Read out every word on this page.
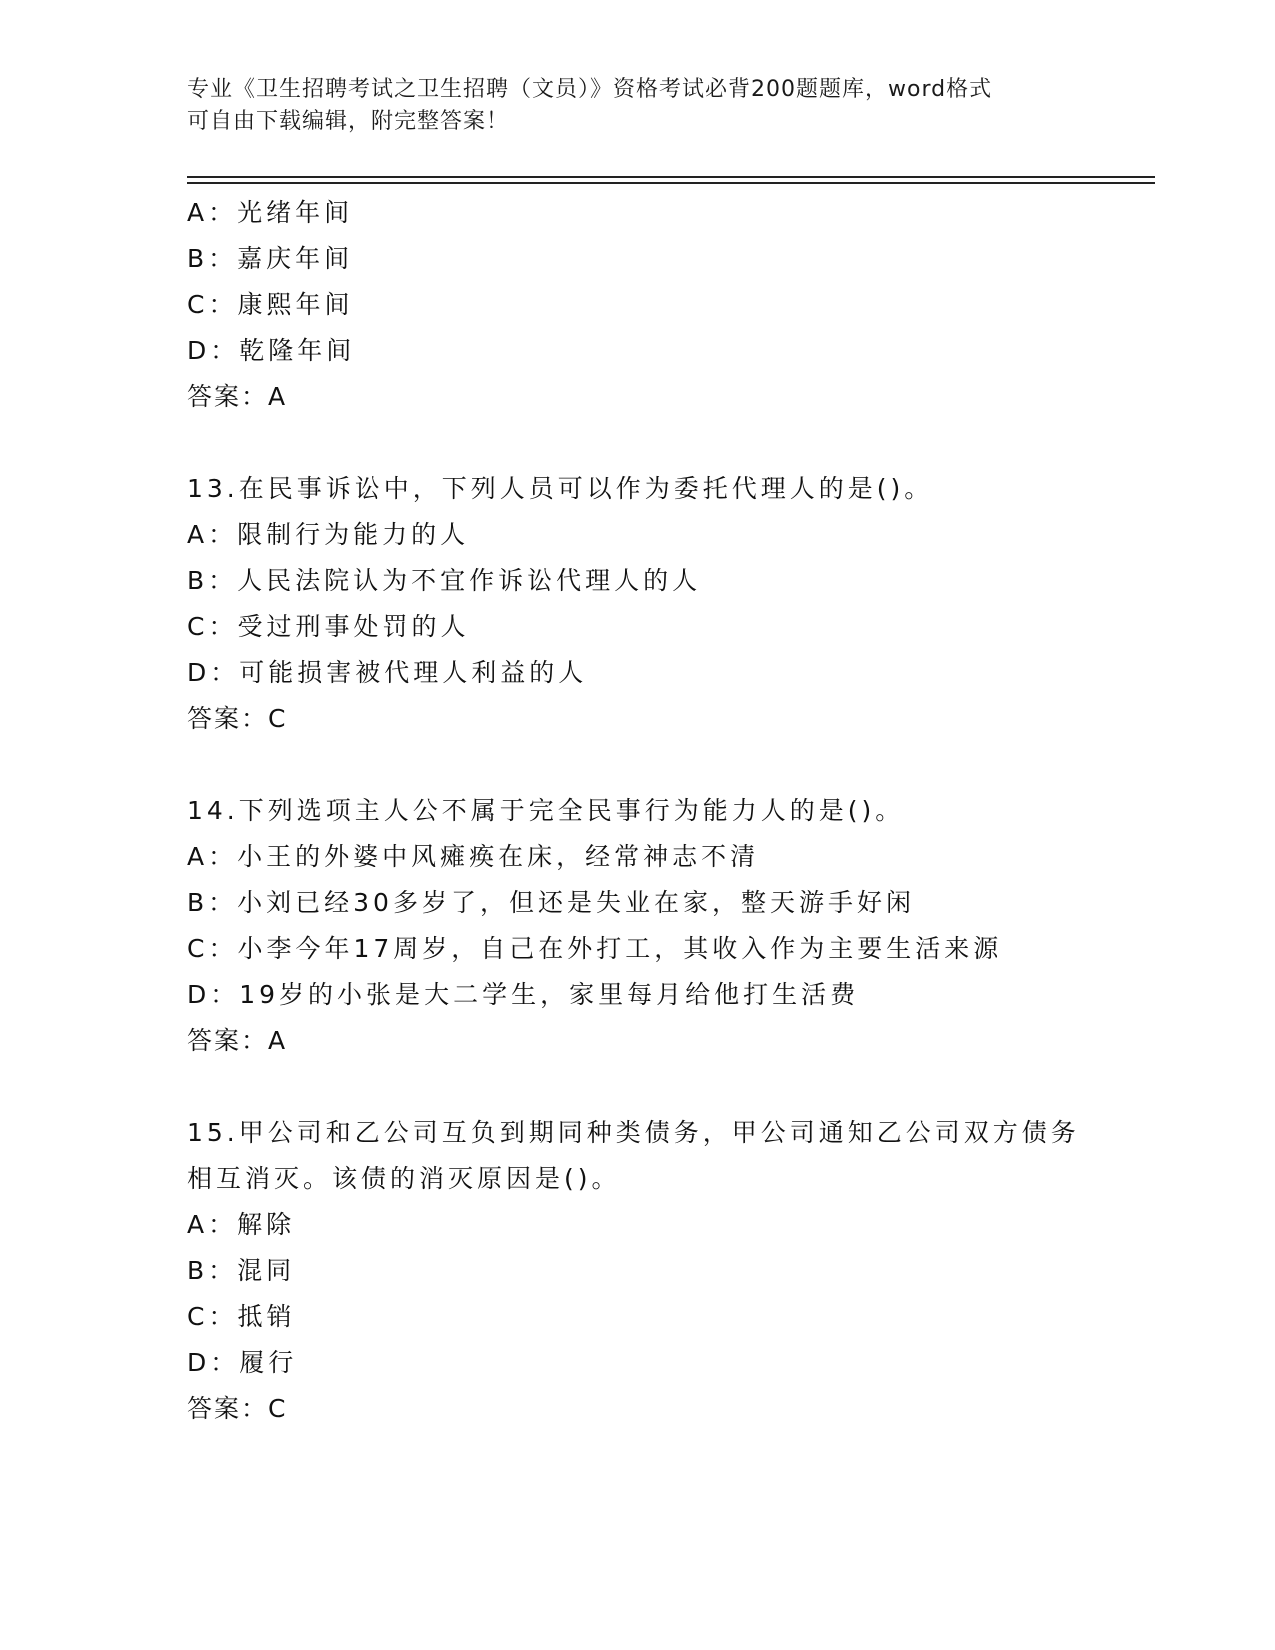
专业《卫生招聘考试之卫生招聘（文员）》资格考试必背200题题库，word格式
可自由下载编辑，附完整答案！
A：光绪年间
B：嘉庆年间
C：康熙年间
D：乾隆年间
答案：A
13.在民事诉讼中，下列人员可以作为委托代理人的是()。
A：限制行为能力的人
B：人民法院认为不宜作诉讼代理人的人
C：受过刑事处罚的人
D：可能损害被代理人利益的人
答案：C
14.下列选项主人公不属于完全民事行为能力人的是()。
A：小王的外婆中风瘫痪在床，经常神志不清
B：小刘已经30多岁了，但还是失业在家，整天游手好闲
C：小李今年17周岁，自己在外打工，其收入作为主要生活来源
D：19岁的小张是大二学生，家里每月给他打生活费
答案：A
15.甲公司和乙公司互负到期同种类债务，甲公司通知乙公司双方债务
相互消灭。该债的消灭原因是()。
A：解除
B：混同
C：抵销
D：履行
答案：C
